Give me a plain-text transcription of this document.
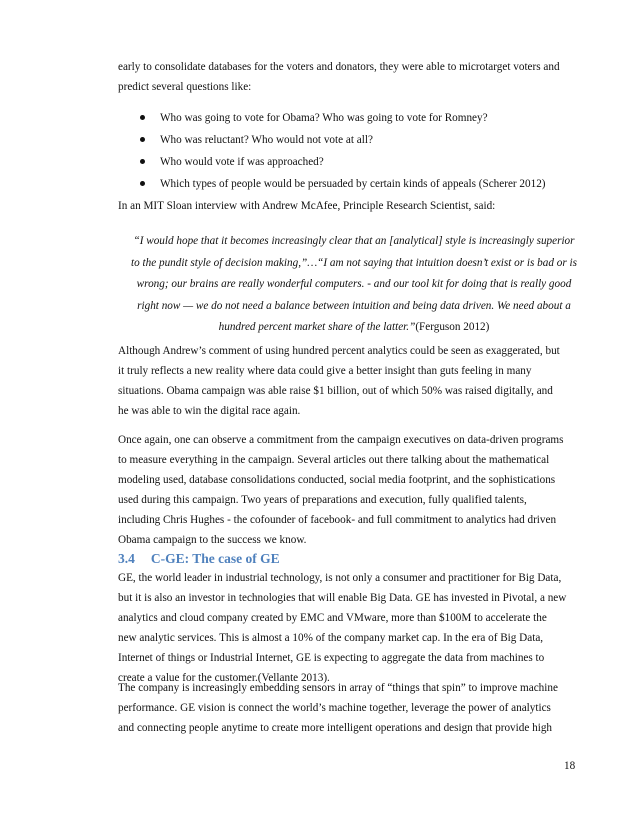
early to consolidate databases for the voters and donators, they were able to microtarget voters and
predict several questions like:
Who was going to vote for Obama? Who was going to vote for Romney?
Who was reluctant? Who would not vote at all?
Who would vote if was approached?
Which types of people would be persuaded by certain kinds of appeals (Scherer 2012)
In an MIT Sloan interview with Andrew McAfee, Principle Research Scientist, said:
“I would hope that it becomes increasingly clear that an [analytical] style is increasingly superior
to the pundit style of decision making,”…“I am not saying that intuition doesn’t exist or is bad or is
wrong; our brains are really wonderful computers. - and our tool kit for doing that is really good
right now — we do not need a balance between intuition and being data driven. We need about a
hundred percent market share of the latter.”(Ferguson 2012)
Although Andrew’s comment of using hundred percent analytics could be seen as exaggerated, but
it truly reflects a new reality where data could give a better insight than guts feeling in many
situations. Obama campaign was able raise $1 billion, out of which 50% was raised digitally, and
he was able to win the digital race again.
Once again, one can observe a commitment from the campaign executives on data-driven programs
to measure everything in the campaign. Several articles out there talking about the mathematical
modeling used, database consolidations conducted, social media footprint, and the sophistications
used during this campaign. Two years of preparations and execution, fully qualified talents,
including Chris Hughes - the cofounder of facebook- and full commitment to analytics had driven
Obama campaign to the success we know.
3.4 C-GE: The case of GE
GE, the world leader in industrial technology, is not only a consumer and practitioner for Big Data,
but it is also an investor in technologies that will enable Big Data. GE has invested in Pivotal, a new
analytics and cloud company created by EMC and VMware, more than $100M to accelerate the
new analytic services. This is almost a 10% of the company market cap. In the era of Big Data,
Internet of things or Industrial Internet, GE is expecting to aggregate the data from machines to
create a value for the customer.(Vellante 2013).
The company is increasingly embedding sensors in array of “things that spin” to improve machine
performance. GE vision is connect the world’s machine together, leverage the power of analytics
and connecting people anytime to create more intelligent operations and design that provide high
18
